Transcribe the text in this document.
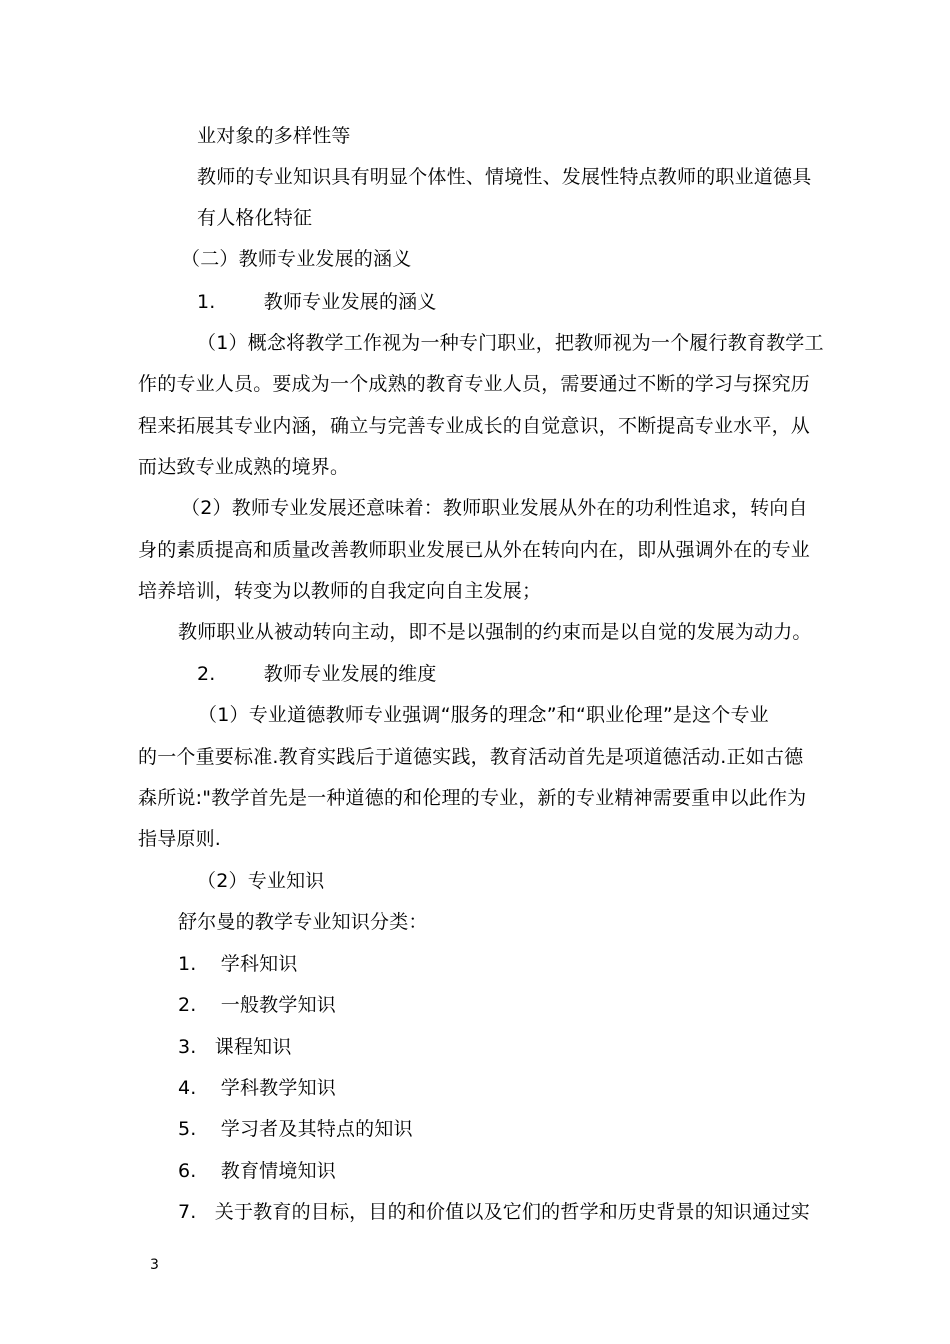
业对象的多样性等
教师的专业知识具有明显个体性、情境性、发展性特点教师的职业道德具
有人格化特征
（二）教师专业发展的涵义
1.	教师专业发展的涵义
（1）概念将教学工作视为一种专门职业，把教师视为一个履行教育教学工
作的专业人员。要成为一个成熟的教育专业人员，需要通过不断的学习与探究历
程来拓展其专业内涵，确立与完善专业成长的自觉意识，不断提高专业水平，从
而达致专业成熟的境界。
（2）教师专业发展还意味着：教师职业发展从外在的功利性追求，转向自
身的素质提高和质量改善教师职业发展已从外在转向内在，即从强调外在的专业
培养培训，转变为以教师的自我定向自主发展；
教师职业从被动转向主动，即不是以强制的约束而是以自觉的发展为动力。
2.	教师专业发展的维度
（1）专业道德教师专业强调“服务的理念”和“职业伦理”是这个专业
的一个重要标准.教育实践后于道德实践，教育活动首先是项道德活动.正如古德
森所说:"教学首先是一种道德的和伦理的专业，新的专业精神需要重申以此作为
指导原则.
（2）专业知识
舒尔曼的教学专业知识分类：
1. 学科知识
2. 一般教学知识
3. 课程知识
4. 学科教学知识
5. 学习者及其特点的知识
6. 教育情境知识
7. 关于教育的目标，目的和价值以及它们的哲学和历史背景的知识通过实
3
